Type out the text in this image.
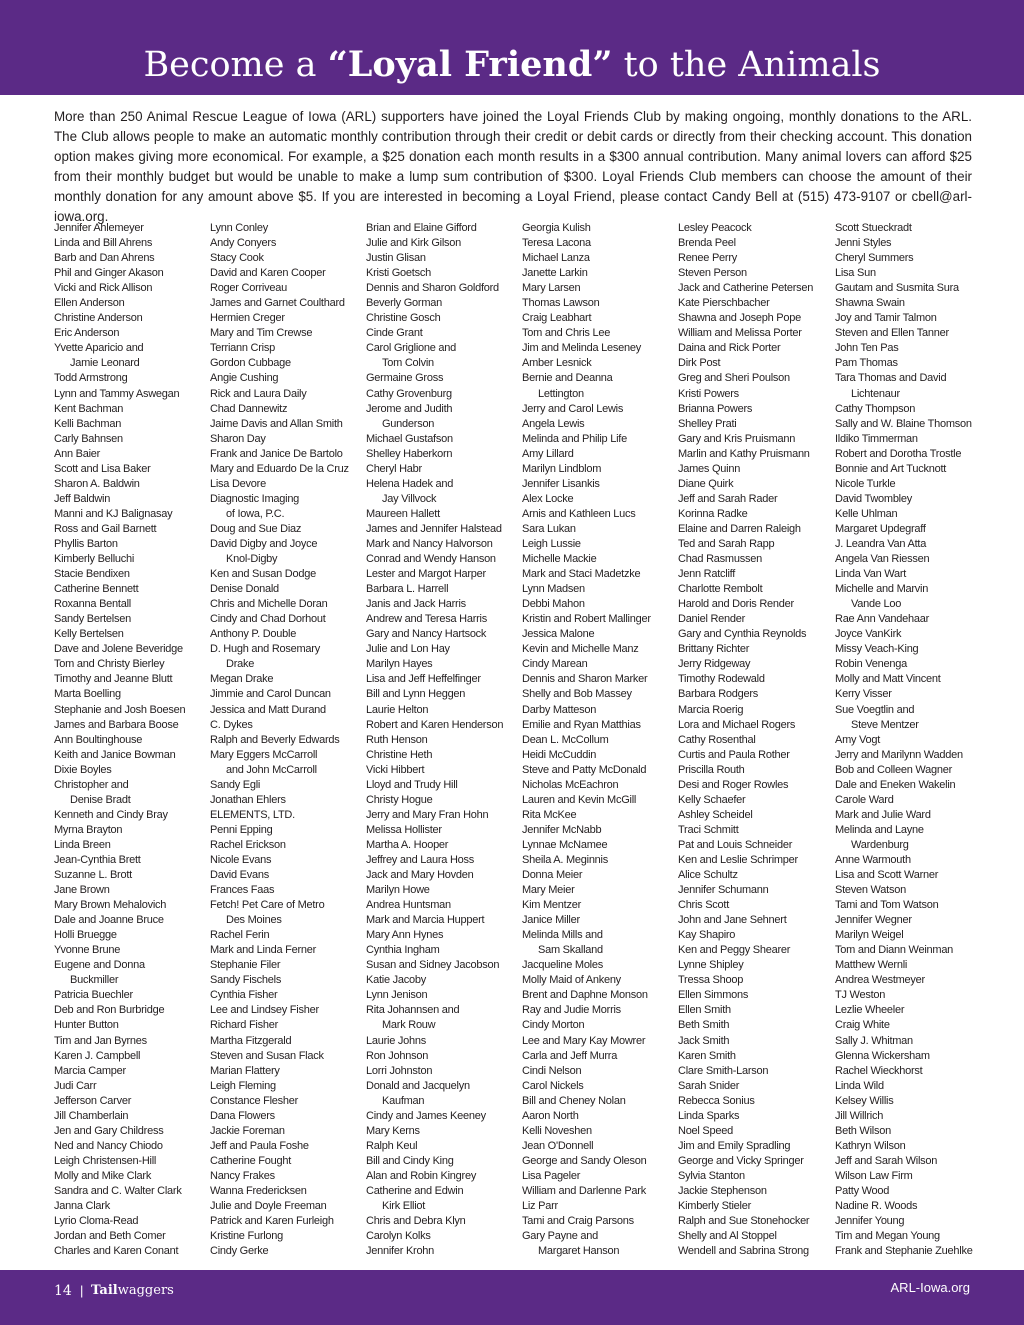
Become a “Loyal Friend” to the Animals

More than 250 Animal Rescue League of Iowa (ARL) supporters have joined the Loyal Friends Club by making ongoing, monthly donations to the ARL. The Club allows people to make an automatic monthly contribution through their credit or debit cards or directly from their checking account. This donation option makes giving more economical. For example, a $25 donation each month results in a $300 annual contribution. Many animal lovers can afford $25 from their monthly budget but would be unable to make a lump sum contribution of $300. Loyal Friends Club members can choose the amount of their monthly donation for any amount above $5. If you are interested in becoming a Loyal Friend, please contact Candy Bell at (515) 473-9107 or cbell@arl-iowa.org.

Jennifer Ahlemeyer
Linda and Bill Ahrens
Barb and Dan Ahrens
Phil and Ginger Akason
Vicki and Rick Allison
Ellen Anderson
Christine Anderson
Eric Anderson
Yvette Aparicio and
Jamie Leonard
Todd Armstrong
Lynn and Tammy Aswegan
Kent Bachman
Kelli Bachman
Carly Bahnsen
Ann Baier
Scott and Lisa Baker
Sharon A. Baldwin
Jeff Baldwin
Manni and KJ Balignasay
Ross and Gail Barnett
Phyllis Barton
Kimberly Belluchi
Stacie Bendixen
Catherine Bennett
Roxanna Bentall
Sandy Bertelsen
Kelly Bertelsen
Dave and Jolene Beveridge
Tom and Christy Bierley
Timothy and Jeanne Blutt
Marta Boelling
Stephanie and Josh Boesen
James and Barbara Boose
Ann Boultinghouse
Keith and Janice Bowman
Dixie Boyles
Christopher and
Denise Bradt
Kenneth and Cindy Bray
Myrna Brayton
Linda Breen
Jean-Cynthia Brett
Suzanne L. Brott
Jane Brown
Mary Brown Mehalovich
Dale and Joanne Bruce
Holli Bruegge
Yvonne Brune
Eugene and Donna
Buckmiller
Patricia Buechler
Deb and Ron Burbridge
Hunter Button
Tim and Jan Byrnes
Karen J. Campbell
Marcia Camper
Judi Carr
Jefferson Carver
Jill Chamberlain
Jen and Gary Childress
Ned and Nancy Chiodo
Leigh Christensen-Hill
Molly and Mike Clark
Sandra and C. Walter Clark
Janna Clark
Lyrio Cloma-Read
Jordan and Beth Comer
Charles and Karen Conant
Lynn Conley
Andy Conyers
Stacy Cook
David and Karen Cooper
Roger Corriveau
James and Garnet Coulthard
Hermien Creger
Mary and Tim Crewse
Terriann Crisp
Gordon Cubbage
Angie Cushing
Rick and Laura Daily
Chad Dannewitz
Jaime Davis and Allan Smith
Sharon Day
Frank and Janice De Bartolo
Mary and Eduardo De la Cruz
Lisa Devore
Diagnostic Imaging
of Iowa, P.C.
Doug and Sue Diaz
David Digby and Joyce
Knol-Digby
Ken and Susan Dodge
Denise Donald
Chris and Michelle Doran
Cindy and Chad Dorhout
Anthony P. Double
D. Hugh and Rosemary
Drake
Megan Drake
Jimmie and Carol Duncan
Jessica and Matt Durand
C. Dykes
Ralph and Beverly Edwards
Mary Eggers McCarroll
and John McCarroll
Sandy Egli
Jonathan Ehlers
ELEMENTS, LTD.
Penni Epping
Rachel Erickson
Nicole Evans
David Evans
Frances Faas
Fetch! Pet Care of Metro
Des Moines
Rachel Ferin
Mark and Linda Ferner
Stephanie Filer
Sandy Fischels
Cynthia Fisher
Lee and Lindsey Fisher
Richard Fisher
Martha Fitzgerald
Steven and Susan Flack
Marian Flattery
Leigh Fleming
Constance Flesher
Dana Flowers
Jackie Foreman
Jeff and Paula Foshe
Catherine Fought
Nancy Frakes
Wanna Fredericksen
Julie and Doyle Freeman
Patrick and Karen Furleigh
Kristine Furlong
Cindy Gerke
Brian and Elaine Gifford
Julie and Kirk Gilson
Justin Glisan
Kristi Goetsch
Dennis and Sharon Goldford
Beverly Gorman
Christine Gosch
Cinde Grant
Carol Griglione and
Tom Colvin
Germaine Gross
Cathy Grovenburg
Jerome and Judith
Gunderson
Michael Gustafson
Shelley Haberkorn
Cheryl Habr
Helena Hadek and
Jay Villvock
Maureen Hallett
James and Jennifer Halstead
Mark and Nancy Halvorson
Conrad and Wendy Hanson
Lester and Margot Harper
Barbara L. Harrell
Janis and Jack Harris
Andrew and Teresa Harris
Gary and Nancy Hartsock
Julie and Lon Hay
Marilyn Hayes
Lisa and Jeff Heffelfinger
Bill and Lynn Heggen
Laurie Helton
Robert and Karen Henderson
Ruth Henson
Christine Heth
Vicki Hibbert
Lloyd and Trudy Hill
Christy Hogue
Jerry and Mary Fran Hohn
Melissa Hollister
Martha A. Hooper
Jeffrey and Laura Hoss
Jack and Mary Hovden
Marilyn Howe
Andrea Huntsman
Mark and Marcia Huppert
Mary Ann Hynes
Cynthia Ingham
Susan and Sidney Jacobson
Katie Jacoby
Lynn Jenison
Rita Johannsen and
Mark Rouw
Laurie Johns
Ron Johnson
Lorri Johnston
Donald and Jacquelyn
Kaufman
Cindy and James Keeney
Mary Kerns
Ralph Keul
Bill and Cindy King
Alan and Robin Kingrey
Catherine and Edwin
Kirk Elliot
Chris and Debra Klyn
Carolyn Kolks
Jennifer Krohn
Georgia Kulish
Teresa Lacona
Michael Lanza
Janette Larkin
Mary Larsen
Thomas Lawson
Craig Leabhart
Tom and Chris Lee
Jim and Melinda Leseney
Amber Lesnick
Bernie and Deanna
Lettington
Jerry and Carol Lewis
Angela Lewis
Melinda and Philip Life
Amy Lillard
Marilyn Lindblom
Jennifer Lisankis
Alex Locke
Arnis and Kathleen Lucs
Sara Lukan
Leigh Lussie
Michelle Mackie
Mark and Staci Madetzke
Lynn Madsen
Debbi Mahon
Kristin and Robert Mallinger
Jessica Malone
Kevin and Michelle Manz
Cindy Marean
Dennis and Sharon Marker
Shelly and Bob Massey
Darby Matteson
Emilie and Ryan Matthias
Dean L. McCollum
Heidi McCuddin
Steve and Patty McDonald
Nicholas McEachron
Lauren and Kevin McGill
Rita McKee
Jennifer McNabb
Lynnae McNamee
Sheila A. Meginnis
Donna Meier
Mary Meier
Kim Mentzer
Janice Miller
Melinda Mills and
Sam Skalland
Jacqueline Moles
Molly Maid of Ankeny
Brent and Daphne Monson
Ray and Judie Morris
Cindy Morton
Lee and Mary Kay Mowrer
Carla and Jeff Murra
Cindi Nelson
Carol Nickels
Bill and Cheney Nolan
Aaron North
Kelli Noveshen
Jean O'Donnell
George and Sandy Oleson
Lisa Pageler
William and Darlenne Park
Liz Parr
Tami and Craig Parsons
Gary Payne and
Margaret Hanson
Lesley Peacock
Brenda Peel
Renee Perry
Steven Person
Jack and Catherine Petersen
Kate Pierschbacher
Shawna and Joseph Pope
William and Melissa Porter
Daina and Rick Porter
Dirk Post
Greg and Sheri Poulson
Kristi Powers
Brianna Powers
Shelley Prati
Gary and Kris Pruismann
Marlin and Kathy Pruismann
James Quinn
Diane Quirk
Jeff and Sarah Rader
Korinna Radke
Elaine and Darren Raleigh
Ted and Sarah Rapp
Chad Rasmussen
Jenn Ratcliff
Charlotte Rembolt
Harold and Doris Render
Daniel Render
Gary and Cynthia Reynolds
Brittany Richter
Jerry Ridgeway
Timothy Rodewald
Barbara Rodgers
Marcia Roerig
Lora and Michael Rogers
Cathy Rosenthal
Curtis and Paula Rother
Priscilla Routh
Desi and Roger Rowles
Kelly Schaefer
Ashley Scheidel
Traci Schmitt
Pat and Louis Schneider
Ken and Leslie Schrimper
Alice Schultz
Jennifer Schumann
Chris Scott
John and Jane Sehnert
Kay Shapiro
Ken and Peggy Shearer
Lynne Shipley
Tressa Shoop
Ellen Simmons
Ellen Smith
Beth Smith
Jack Smith
Karen Smith
Clare Smith-Larson
Sarah Snider
Rebecca Sonius
Linda Sparks
Noel Speed
Jim and Emily Spradling
George and Vicky Springer
Sylvia Stanton
Jackie Stephenson
Kimberly Stieler
Ralph and Sue Stonehocker
Shelly and Al Stoppel
Wendell and Sabrina Strong
Scott Stueckradt
Jenni Styles
Cheryl Summers
Lisa Sun
Gautam and Susmita Sura
Shawna Swain
Joy and Tamir Talmon
Steven and Ellen Tanner
John Ten Pas
Pam Thomas
Tara Thomas and David
Lichtenaur
Cathy Thompson
Sally and W. Blaine Thomson
Ildiko Timmerman
Robert and Dorotha Trostle
Bonnie and Art Tucknott
Nicole Turkle
David Twombley
Kelle Uhlman
Margaret Updegraff
J. Leandra Van Atta
Angela Van Riessen
Linda Van Wart
Michelle and Marvin
Vande Loo
Rae Ann Vandehaar
Joyce VanKirk
Missy Veach-King
Robin Venenga
Molly and Matt Vincent
Kerry Visser
Sue Voegtlin and
Steve Mentzer
Amy Vogt
Jerry and Marilynn Wadden
Bob and Colleen Wagner
Dale and Eneken Wakelin
Carole Ward
Mark and Julie Ward
Melinda and Layne
Wardenburg
Anne Warmouth
Lisa and Scott Warner
Steven Watson
Tami and Tom Watson
Jennifer Wegner
Marilyn Weigel
Tom and Diann Weinman
Matthew Wernli
Andrea Westmeyer
TJ Weston
Lezlie Wheeler
Craig White
Sally J. Whitman
Glenna Wickersham
Rachel Wieckhorst
Linda Wild
Kelsey Willis
Jill Willrich
Beth Wilson
Kathryn Wilson
Jeff and Sarah Wilson
Wilson Law Firm
Patty Wood
Nadine R. Woods
Jennifer Young
Tim and Megan Young
Frank and Stephanie Zuehlke
14 | Tailwaggers	ARL-Iowa.org
